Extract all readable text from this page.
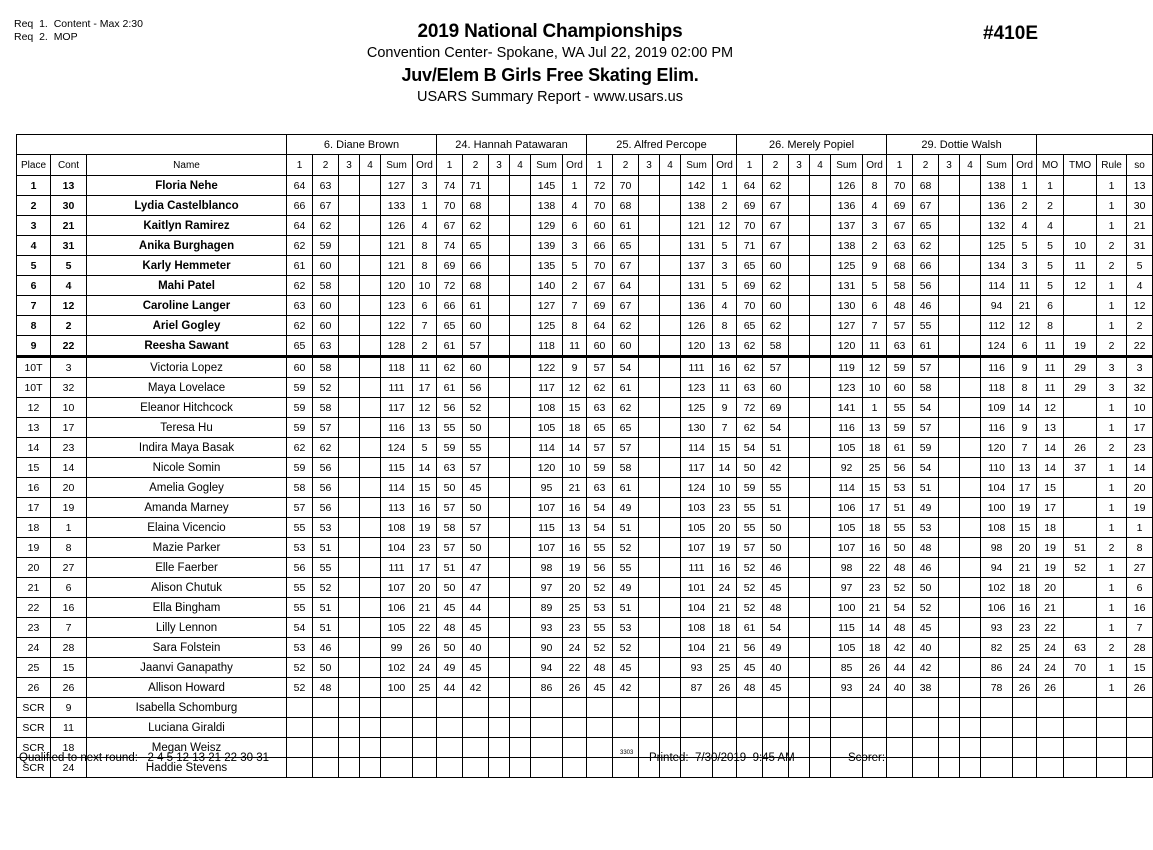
Req  1.  Content - Max 2:30
Req  2.  MOP	2019 National Championships
Convention Center- Spokane, WA Jul 22, 2019 02:00 PM
Juv/Elem B Girls Free Skating Elim.
USARS Summary Report - www.usars.us
#410E
			6. Diane Brown						24. Hannah Patawaran						25. Alfred Percope						26. Merely Popiel						29. Dottie Walsh									
Place	Cont	Name	1	2	3	4	Sum	Ord	1	2	3	4	Sum	Ord	1	2	3	4	Sum	Ord	1	2	3	4	Sum	Ord	1	2	3	4	Sum	Ord	MO	TMO	Rule	so
1	13	Floria Nehe	64	63			127	3	74	71			145	1	72	70			142	1	64	62			126	8	70	68			138	1	1		1	13
2	30	Lydia Castelblanco	66	67			133	1	70	68			138	4	70	68			138	2	69	67			136	4	69	67			136	2	2		1	30
3	21	Kaitlyn Ramirez	64	62			126	4	67	62			129	6	60	61			121	12	70	67			137	3	67	65			132	4	4		1	21
4	31	Anika Burghagen	62	59			121	8	74	65			139	3	66	65			131	5	71	67			138	2	63	62			125	5	5	10	2	31
5	5	Karly Hemmeter	61	60			121	8	69	66			135	5	70	67			137	3	65	60			125	9	68	66			134	3	5	11	2	5
6	4	Mahi Patel	62	58			120	10	72	68			140	2	67	64			131	5	69	62			131	5	58	56			114	11	5	12	1	4
7	12	Caroline Langer	63	60			123	6	66	61			127	7	69	67			136	4	70	60			130	6	48	46			94	21	6		1	12
8	2	Ariel Gogley	62	60			122	7	65	60			125	8	64	62			126	8	65	62			127	7	57	55			112	12	8		1	2
9	22	Reesha Sawant	65	63			128	2	61	57			118	11	60	60			120	13	62	58			120	11	63	61			124	6	11	19	2	22
10T	3	Victoria Lopez	60	58			118	11	62	60			122	9	57	54			111	16	62	57			119	12	59	57			116	9	11	29	3	3
10T	32	Maya Lovelace	59	52			111	17	61	56			117	12	62	61			123	11	63	60			123	10	60	58			118	8	11	29	3	32
12	10	Eleanor Hitchcock	59	58			117	12	56	52			108	15	63	62			125	9	72	69			141	1	55	54			109	14	12		1	10
13	17	Teresa Hu	59	57			116	13	55	50			105	18	65	65			130	7	62	54			116	13	59	57			116	9	13		1	17
14	23	Indira Maya Basak	62	62			124	5	59	55			114	14	57	57			114	15	54	51			105	18	61	59			120	7	14	26	2	23
15	14	Nicole Somin	59	56			115	14	63	57			120	10	59	58			117	14	50	42			92	25	56	54			110	13	14	37	1	14
16	20	Amelia Gogley	58	56			114	15	50	45			95	21	63	61			124	10	59	55			114	15	53	51			104	17	15		1	20
17	19	Amanda Marney	57	56			113	16	57	50			107	16	54	49			103	23	55	51			106	17	51	49			100	19	17		1	19
18	1	Elaina Vicencio	55	53			108	19	58	57			115	13	54	51			105	20	55	50			105	18	55	53			108	15	18		1	1
19	8	Mazie Parker	53	51			104	23	57	50			107	16	55	52			107	19	57	50			107	16	50	48			98	20	19	51	2	8
20	27	Elle Faerber	56	55			111	17	51	47			98	19	56	55			111	16	52	46			98	22	48	46			94	21	19	52	1	27
21	6	Alison Chutuk	55	52			107	20	50	47			97	20	52	49			101	24	52	45			97	23	52	50			102	18	20		1	6
22	16	Ella Bingham	55	51			106	21	45	44			89	25	53	51			104	21	52	48			100	21	54	52			106	16	21		1	16
23	7	Lilly Lennon	54	51			105	22	48	45			93	23	55	53			108	18	61	54			115	14	48	45			93	23	22		1	7
24	28	Sara Folstein	53	46			99	26	50	40			90	24	52	52			104	21	56	49			105	18	42	40			82	25	24	63	2	28
25	15	Jaanvi Ganapathy	52	50			102	24	49	45			94	22	48	45			93	25	45	40			85	26	44	42			86	24	24	70	1	15
26	26	Allison Howard	52	48			100	25	44	42			86	26	45	42			87	26	48	45			93	24	40	38			78	26	26		1	26
SCR	9	Isabella Schomburg																																		
SCR	11	Luciana Giraldi																																		
SCR	18	Megan Weisz																																		
SCR	24	Haddie Stevens																																		
Qualified to next round:   2 4 5 12 13 21 22 30 31	3303 Printed:  7/30/2019  9:45 AM	Scorer:
